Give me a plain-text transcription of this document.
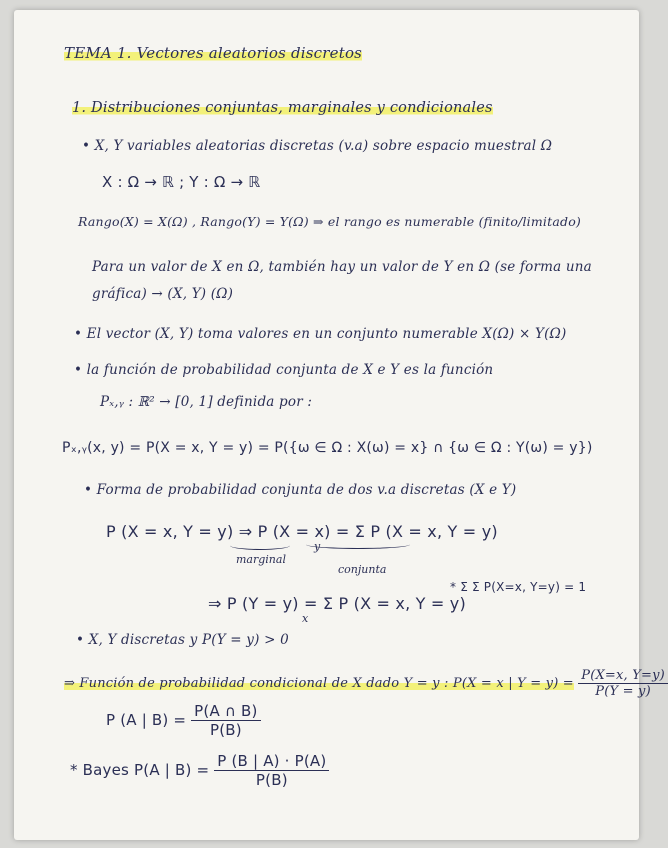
TEMA 1. Vectores aleatorios discretos
1. Distribuciones conjuntas, marginales y condicionales
• X, Y variables aleatorias discretas (v.a) sobre espacio muestral Ω
X : Ω → ℝ ; Y : Ω → ℝ
Rango(X) = X(Ω) , Rango(Y) = Y(Ω) ⇒ el rango es numerable (finito/limitado)
Para un valor de X en Ω, también hay un valor de Y en Ω (se forma una
gráfica) → (X, Y) (Ω)
• El vector (X, Y) toma valores en un conjunto numerable X(Ω) × Y(Ω)
• la función de probabilidad conjunta de X e Y es la función
Pₓ,ᵧ : ℝ² → [0, 1] definida por :
Pₓ,ᵧ(x, y) = P(X = x, Y = y) = P({ω ∈ Ω : X(ω) = x} ∩ {ω ∈ Ω : Y(ω) = y})
• Forma de probabilidad conjunta de dos v.a discretas (X e Y)
P (X = x, Y = y) ⇒ P (X = x) = Σ P (X = x, Y = y)
y
marginal
conjunta
⇒ P (Y = y) = Σ P (X = x, Y = y)
x
* Σ Σ P(X=x, Y=y) = 1
• X, Y discretas y P(Y = y) > 0
⇒ Función de probabilidad condicional de X dado Y = y : P(X = x | $Y = y) = \frac{P(X=x, Y=y)}{P(Y = y)}$
P (A | $B) = \frac{P(A \cap B)}{P(B)}$
* Bayes P(A | $B) = \frac{P (B | A) \cdot P(A)}{P(B)}$
